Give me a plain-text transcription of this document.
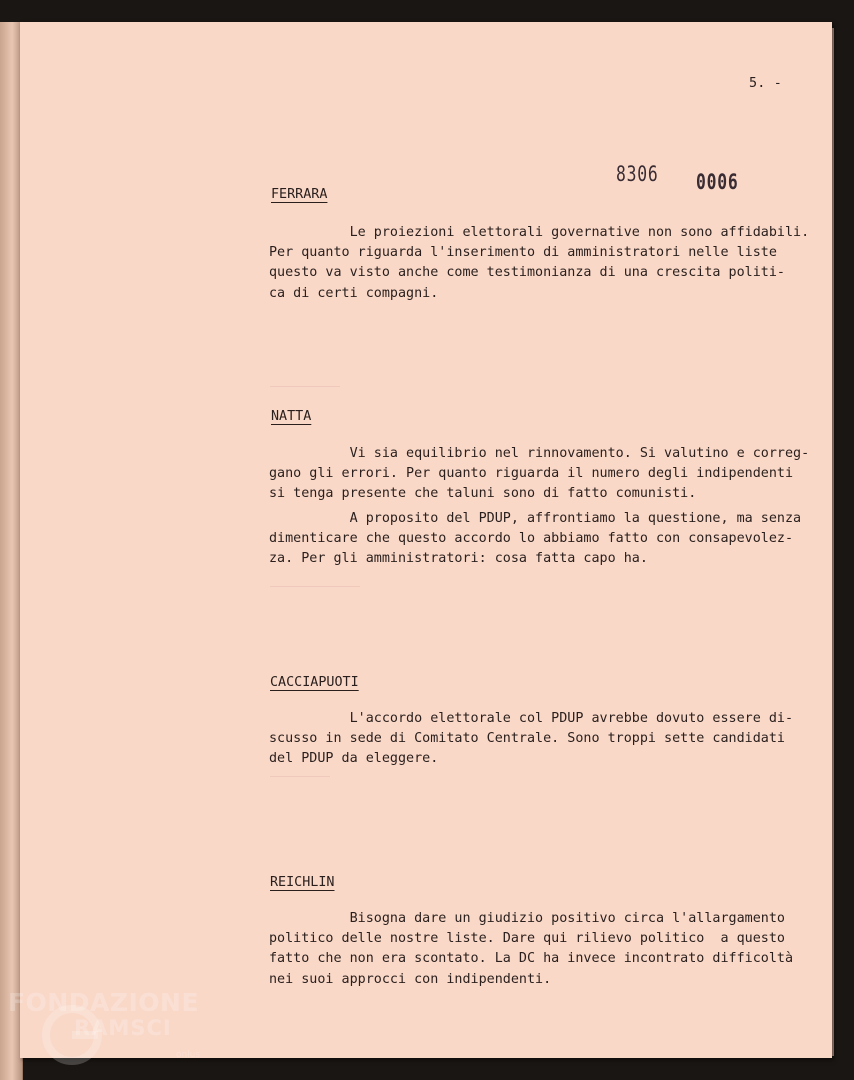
5. -
8306 0006
FERRARA
Le proiezioni elettorali governative non sono affidabili.
Per quanto riguarda l'inserimento di amministratori nelle liste
questo va visto anche come testimonianza di una crescita politi-
ca di certi compagni.
NATTA
Vi sia equilibrio nel rinnovamento. Si valutino e correg-
gano gli errori. Per quanto riguarda il numero degli indipendenti
si tenga presente che taluni sono di fatto comunisti.
A proposito del PDUP, affrontiamo la questione, ma senza
dimenticare che questo accordo lo abbiamo fatto con consapevolez-
za. Per gli amministratori: cosa fatta capo ha.
CACCIAPUOTI
L'accordo elettorale col PDUP avrebbe dovuto essere di-
scusso in sede di Comitato Centrale. Sono troppi sette candidati
del PDUP da eleggere.
REICHLIN
Bisogna dare un giudizio positivo circa l'allargamento
politico delle nostre liste. Dare qui rilievo politico  a questo
fatto che non era scontato. La DC ha invece incontrato difficoltà
nei suoi approcci con indipendenti.
FONDAZIONE
RAMSCI
onlus
